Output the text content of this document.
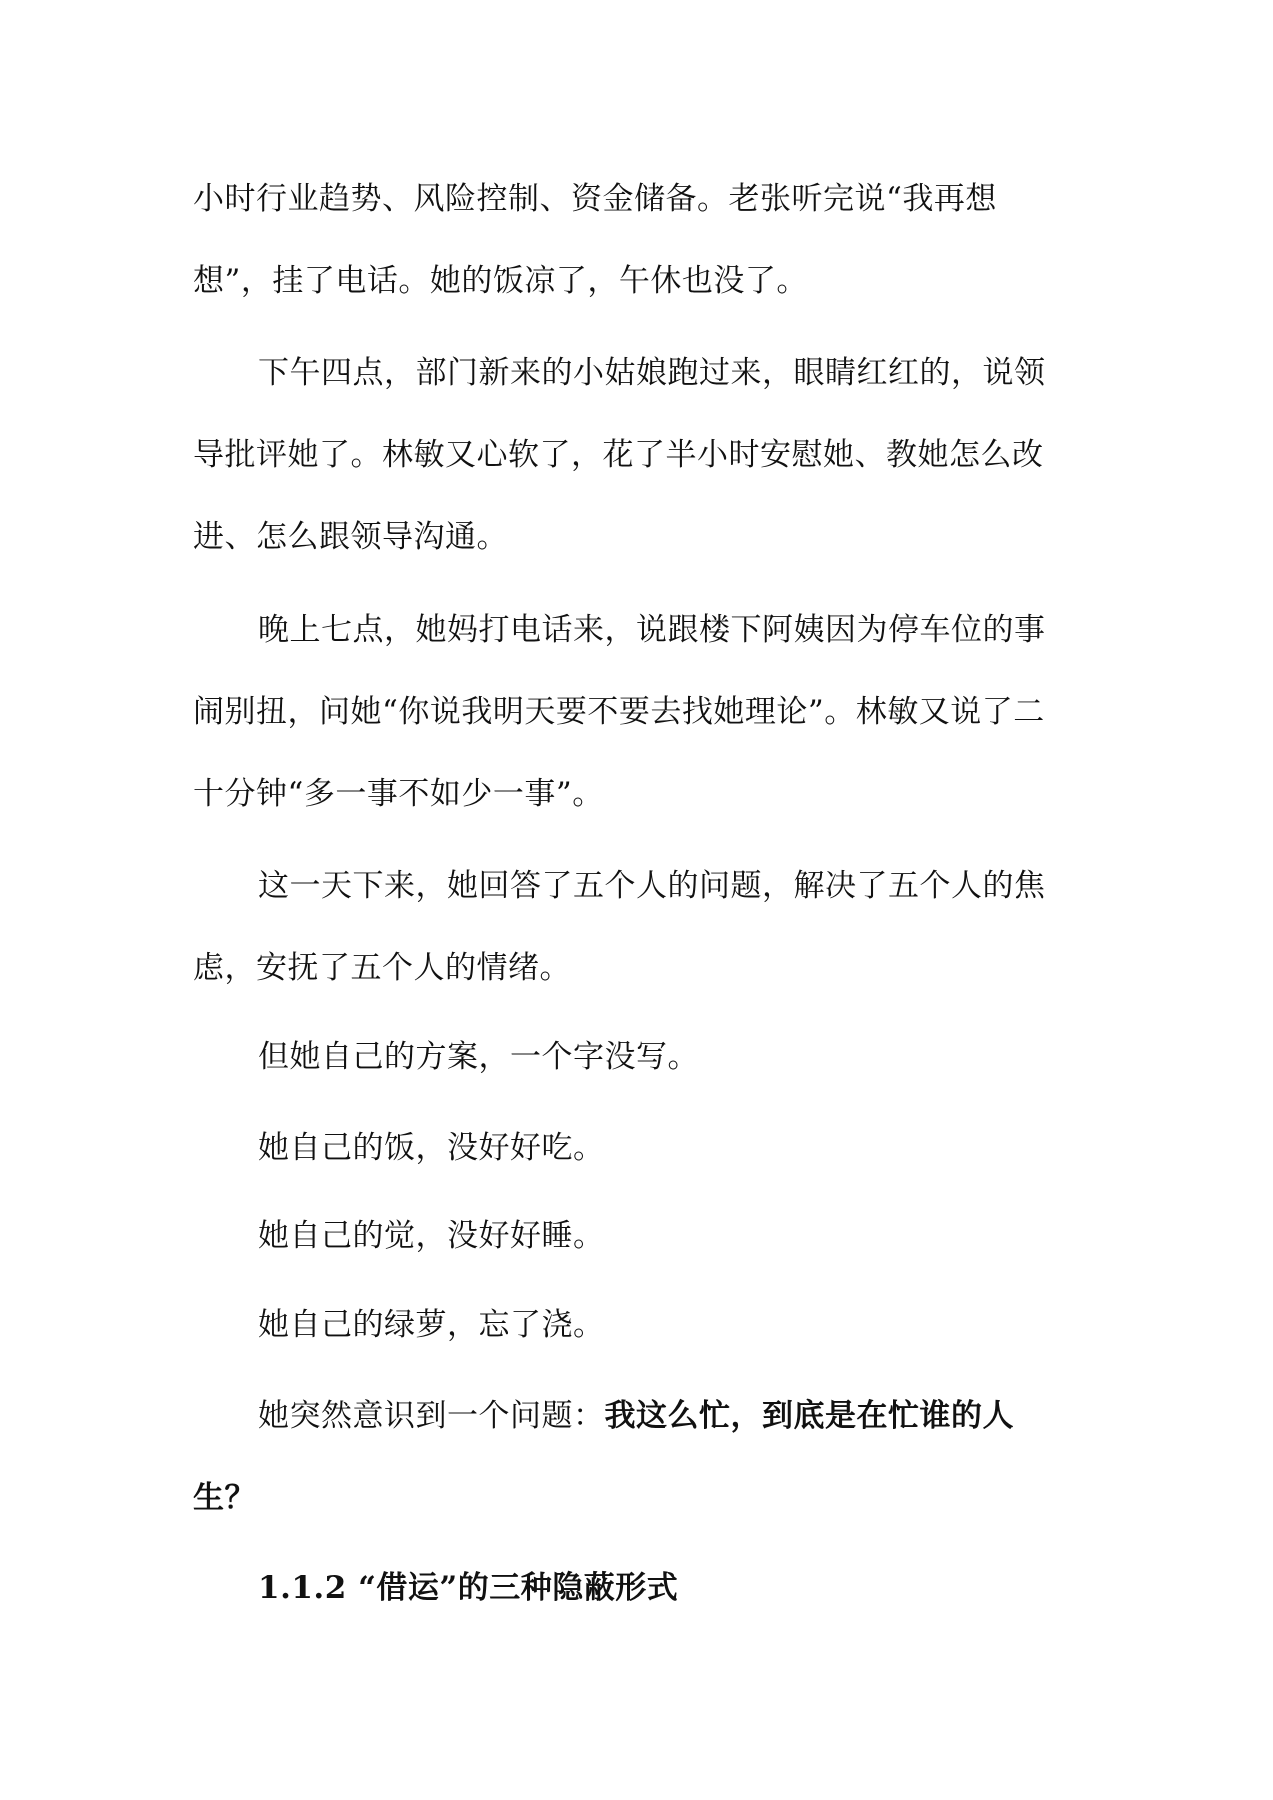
小时行业趋势、风险控制、资金储备。老张听完说“我再想
想”，挂了电话。她的饭凉了，午休也没了。
下午四点，部门新来的小姑娘跑过来，眼睛红红的，说领
导批评她了。林敏又心软了，花了半小时安慰她、教她怎么改
进、怎么跟领导沟通。
晚上七点，她妈打电话来，说跟楼下阿姨因为停车位的事
闹别扭，问她“你说我明天要不要去找她理论”。林敏又说了二
十分钟“多一事不如少一事”。
这一天下来，她回答了五个人的问题，解决了五个人的焦
虑，安抚了五个人的情绪。
但她自己的方案，一个字没写。
她自己的饭，没好好吃。
她自己的觉，没好好睡。
她自己的绿萝，忘了浇。
她突然意识到一个问题：我这么忙，到底是在忙谁的人
生？
1.1.2 “借运”的三种隐蔽形式
